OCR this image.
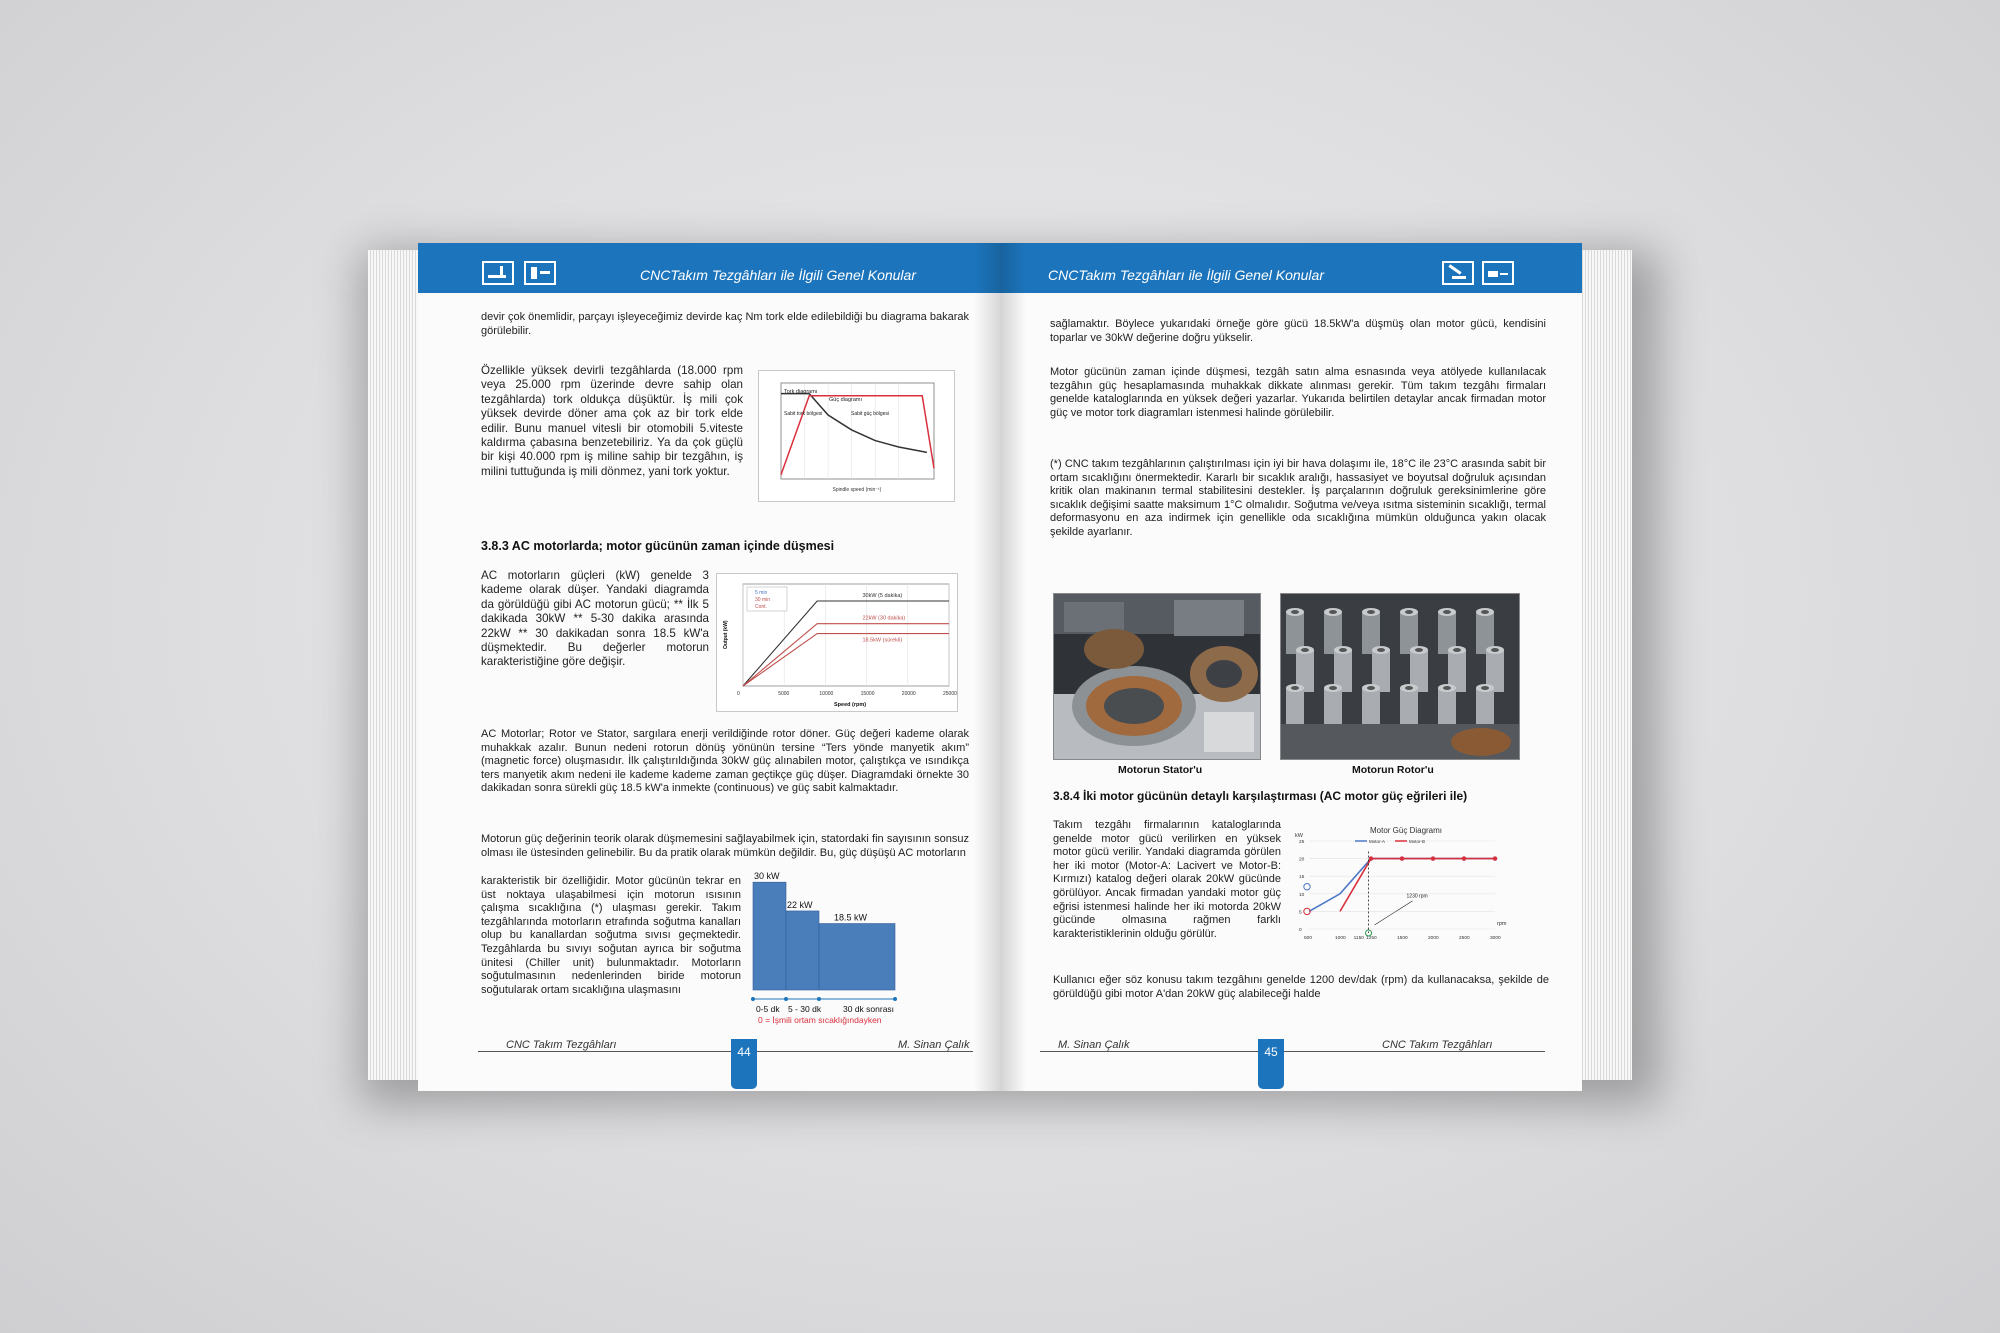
CNCTakım Tezgâhları ile İlgili Genel Konular
devir çok önemlidir, parçayı işleyeceğimiz devirde kaç Nm tork elde edilebildiği bu diagrama bakarak görülebilir.
Özellikle yüksek devirli tezgâhlarda (18.000 rpm veya 25.000 rpm üzerinde devre sahip olan tezgâhlarda) tork oldukça düşüktür. İş mili çok yüksek devirde döner ama çok az bir tork elde edilir. Bunu manuel vitesli bir otomobili 5.viteste kaldırma çabasına benzetebiliriz. Ya da çok güçlü bir kişi 40.000 rpm iş miline sahip bir tezgâhın, iş milini tuttuğunda iş mili dönmez, yani tork yoktur.
Tork diagramı
Güç diagramı
Sabit tork bölgesi	Sabit güç bölgesi
Spindle speed (min⁻¹)
3.8.3 AC motorlarda; motor gücünün zaman içinde düşmesi
AC motorların güçleri (kW) genelde 3 kademe olarak düşer. Yandaki diagramda da görüldüğü gibi AC motorun gücü; ** İlk 5 dakikada 30kW ** 5-30 dakika arasında 22kW ** 30 dakikadan sonra 18.5 kW'a düşmektedir. Bu değerler motorun karakteristiğine göre değişir.
0	5000	10000	15000	20000	25000
5 min
30 min
Cont.
30kW (5 dakika)
22kW (30 dakika)
18.5kW (sürekli)
Speed (rpm)
Output (kW)
AC Motorlar; Rotor ve Stator, sargılara enerji verildiğinde rotor döner. Güç değeri kademe olarak muhakkak azalır. Bunun nedeni rotorun dönüş yönünün tersine “Ters yönde manyetik akım” (magnetic force) oluşmasıdır. İlk çalıştırıldığında 30kW güç alınabilen motor, çalıştıkça ve ısındıkça ters manyetik akım nedeni ile kademe kademe zaman geçtikçe güç düşer. Diagramdaki örnekte 30 dakikadan sonra sürekli güç 18.5 kW'a inmekte (continuous) ve güç sabit kalmaktadır.
Motorun güç değerinin teorik olarak düşmemesini sağlayabilmek için, statordaki fin sayısının sonsuz olması ile üstesinden gelinebilir. Bu da pratik olarak mümkün değildir. Bu, güç düşüşü AC motorların
karakteristik bir özelliğidir. Motor gücünün tekrar en üst noktaya ulaşabilmesi için motorun ısısının çalışma sıcaklığına (*) ulaşması gerekir. Takım tezgâhlarında motorların etrafında soğutma kanalları olup bu kanallardan soğutma sıvısı geçmektedir. Tezgâhlarda bu sıvıyı soğutan ayrıca bir soğutma ünitesi (Chiller unit) bulunmaktadır. Motorların soğutulmasının nedenlerinden biride motorun soğutularak ortam sıcaklığına ulaşmasını
30 kW
22 kW
18.5 kW
0-5 dk 5 - 30 dk	30 dk sonrası
0 = İşmili ortam sıcaklığındayken
CNC Takım Tezgâhları	44	M. Sinan Çalık
CNCTakım Tezgâhları ile İlgili Genel Konular
sağlamaktır. Böylece yukarıdaki örneğe göre gücü 18.5kW'a düşmüş olan motor gücü, kendisini toparlar ve 30kW değerine doğru yükselir.
Motor gücünün zaman içinde düşmesi, tezgâh satın alma esnasında veya atölyede kullanılacak tezgâhın güç hesaplamasında muhakkak dikkate alınması gerekir. Tüm takım tezgâhı firmaları genelde kataloglarında en yüksek değeri yazarlar. Yukarıda belirtilen detaylar ancak firmadan motor güç ve motor tork diagramları istenmesi halinde görülebilir.
(*) CNC takım tezgâhlarının çalıştırılması için iyi bir hava dolaşımı ile, 18°C ile 23°C arasında sabit bir ortam sıcaklığını önermektedir. Kararlı bir sıcaklık aralığı, hassasiyet ve boyutsal doğruluk açısından kritik olan makinanın termal stabilitesini destekler. İş parçalarının doğruluk gereksinimlerine göre sıcaklık değişimi saatte maksimum 1°C olmalıdır. Soğutma ve/veya ısıtma sisteminin sıcaklığı, termal deformasyonu en aza indirmek için genellikle oda sıcaklığına mümkün olduğunca yakın olacak şekilde ayarlanır.
Motorun Stator'u	Motorun Rotor'u
3.8.4 İki motor gücünün detaylı karşılaştırması (AC motor güç eğrileri ile)
Takım tezgâhı firmalarının kataloglarında genelde motor gücü verilirken en yüksek motor gücü verilir. Yandaki diagramda görülen her iki motor (Motor-A: Lacivert ve Motor-B: Kırmızı) katalog değeri olarak 20kW gücünde görülüyor. Ancak firmadan yandaki motor güç eğrisi istenmesi halinde her iki motorda 20kW gücünde olmasına rağmen farklı karakteristiklerinin olduğu görülür.
Motor Güç Diagramı
0
5
10
15
20
25
500	1000 1150 1250	1500	2000	2500	3000
kW
rpm
Motor-A	Motor-B
1230 rpm
Kullanıcı eğer söz konusu takım tezgâhını genelde 1200 dev/dak (rpm) da kullanacaksa, şekilde de görüldüğü gibi motor A'dan 20kW güç alabileceği halde
M. Sinan Çalık	45	CNC Takım Tezgâhları
